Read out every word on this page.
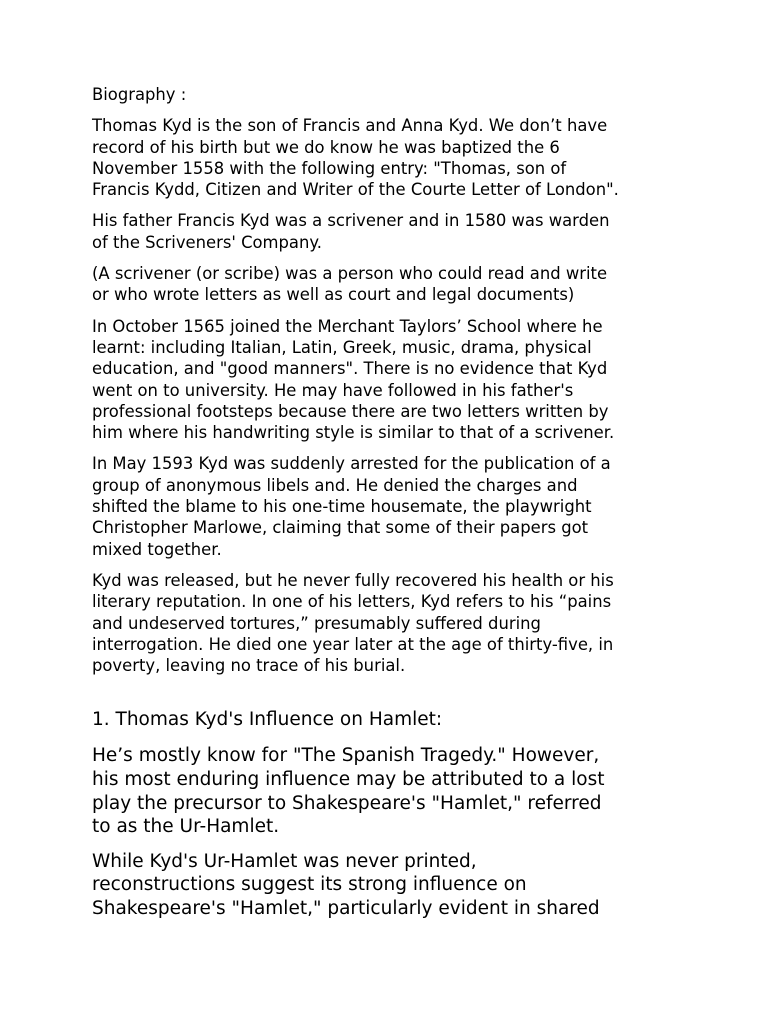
Biography :

Thomas Kyd is the son of Francis and Anna Kyd. We don’t have

record of his birth but we do know he was baptized the 6

November 1558 with the following entry: "Thomas, son of

Francis Kydd, Citizen and Writer of the Courte Letter of London".

His father Francis Kyd was a scrivener and in 1580 was warden

of the Scriveners' Company.

(A scrivener (or scribe) was a person who could read and write

or who wrote letters as well as court and legal documents)

In October 1565 joined the Merchant Taylors’ School where he

learnt: including Italian, Latin, Greek, music, drama, physical

education, and "good manners". There is no evidence that Kyd

went on to university. He may have followed in his father's

professional footsteps because there are two letters written by

him where his handwriting style is similar to that of a scrivener.

In May 1593 Kyd was suddenly arrested for the publication of a

group of anonymous libels and. He denied the charges and

shifted the blame to his one-time housemate, the playwright

Christopher Marlowe, claiming that some of their papers got

mixed together.

Kyd was released, but he never fully recovered his health or his

literary reputation. In one of his letters, Kyd refers to his “pains

and undeserved tortures,” presumably suffered during

interrogation. He died one year later at the age of thirty-five, in

poverty, leaving no trace of his burial.

1. Thomas Kyd's Influence on Hamlet:

He’s mostly know for "The Spanish Tragedy." However,

his most enduring influence may be attributed to a lost

play the precursor to Shakespeare's "Hamlet," referred

to as the Ur-Hamlet.

While Kyd's Ur-Hamlet was never printed,

reconstructions suggest its strong influence on

Shakespeare's "Hamlet," particularly evident in shared
